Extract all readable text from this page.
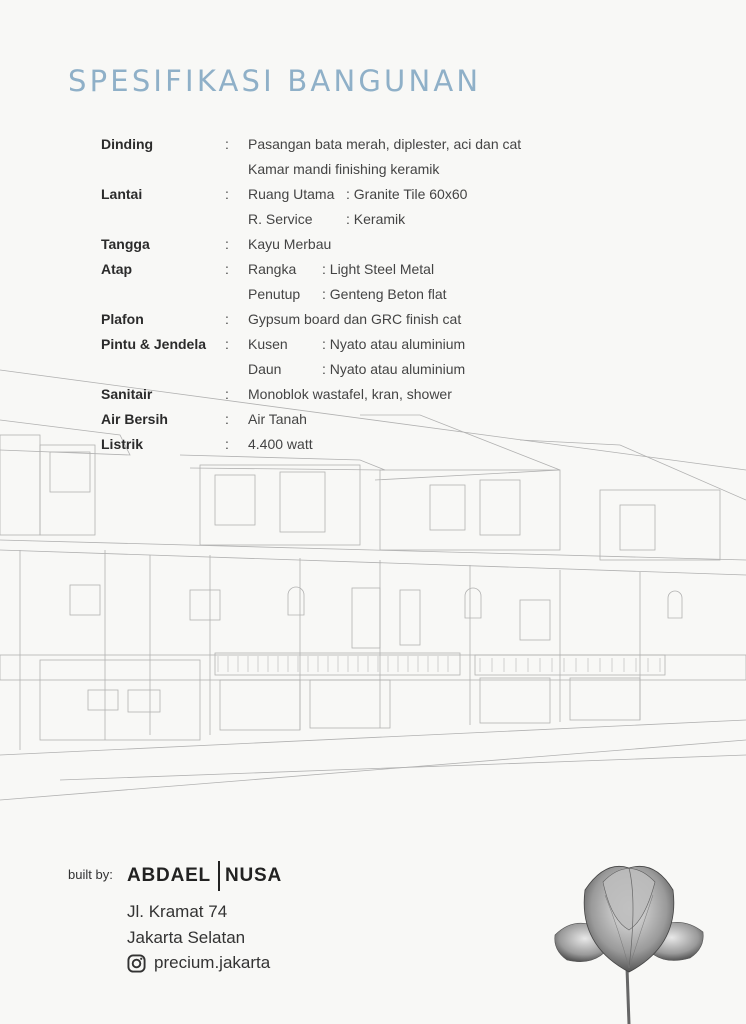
SPESIFIKASI BANGUNAN
Dinding	:	Pasangan bata merah, diplester, aci dan cat
Kamar mandi finishing keramik
Lantai	:	Ruang Utama : Granite Tile 60x60
R. Service	: Keramik
Tangga	:	Kayu Merbau
Atap	:	Rangka	: Light Steel Metal
Penutup	: Genteng Beton flat
Plafon	:	Gypsum board dan GRC finish cat
Pintu & Jendela	:	Kusen	: Nyato atau aluminium
Daun	: Nyato atau aluminium
Sanitair	:	Monoblok wastafel, kran, shower
Air Bersih	:	Air Tanah
Listrik	:	4.400 watt
built by: ABDAEL NUSA
Jl. Kramat 74
Jakarta Selatan
precium.jakarta
